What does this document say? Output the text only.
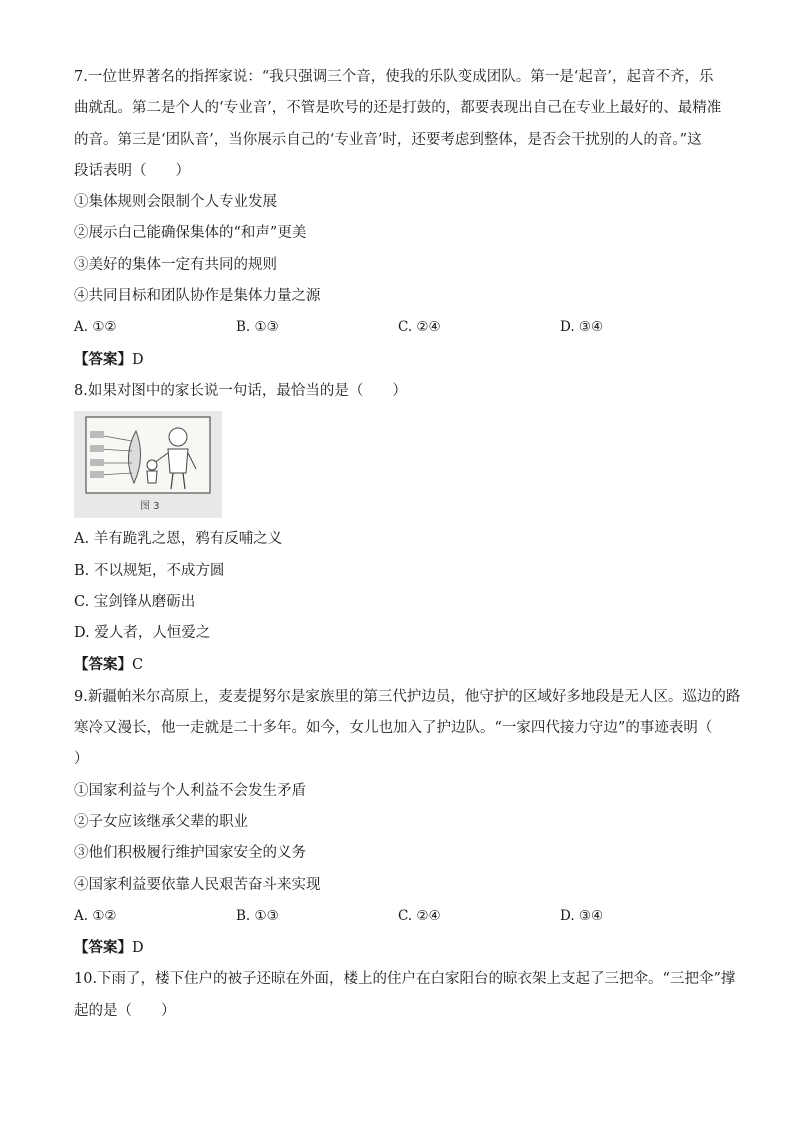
7.一位世界著名的指挥家说：“我只强调三个音，使我的乐队变成团队。第一是‘起音’，起音不齐，乐
曲就乱。第二是个人的‘专业音’，不管是吹号的还是打鼓的，都要表现出自己在专业上最好的、最精准
的音。第三是‘团队音’，当你展示自己的‘专业音’时，还要考虑到整体，是否会干扰别的人的音。”这
段话表明（　　）
①集体规则会限制个人专业发展
②展示白己能确保集体的“和声”更美
③美好的集体一定有共同的规则
④共同目标和团队协作是集体力量之源
A. ①②	B. ①③	C. ②④	D. ③④
【答案】D
8.如果对图中的家长说一句话，最恰当的是（　　）
图 3
A. 羊有跪乳之恩，鸦有反哺之义
B. 不以规矩，不成方圆
C. 宝剑锋从磨砺出
D. 爱人者，人恒爱之
【答案】C
9.新疆帕米尔高原上，麦麦提努尔是家族里的第三代护边员，他守护的区域好多地段是无人区。巡边的路
寒冷又漫长，他一走就是二十多年。如今，女儿也加入了护边队。“一家四代接力守边”的事迹表明（
）
①国家利益与个人利益不会发生矛盾
②子女应该继承父辈的职业
③他们积极履行维护国家安全的义务
④国家利益要依靠人民艰苦奋斗来实现
A. ①②	B. ①③	C. ②④	D. ③④
【答案】D
10.下雨了，楼下住户的被子还晾在外面，楼上的住户在白家阳台的晾衣架上支起了三把伞。“三把伞”撑
起的是（　　）
